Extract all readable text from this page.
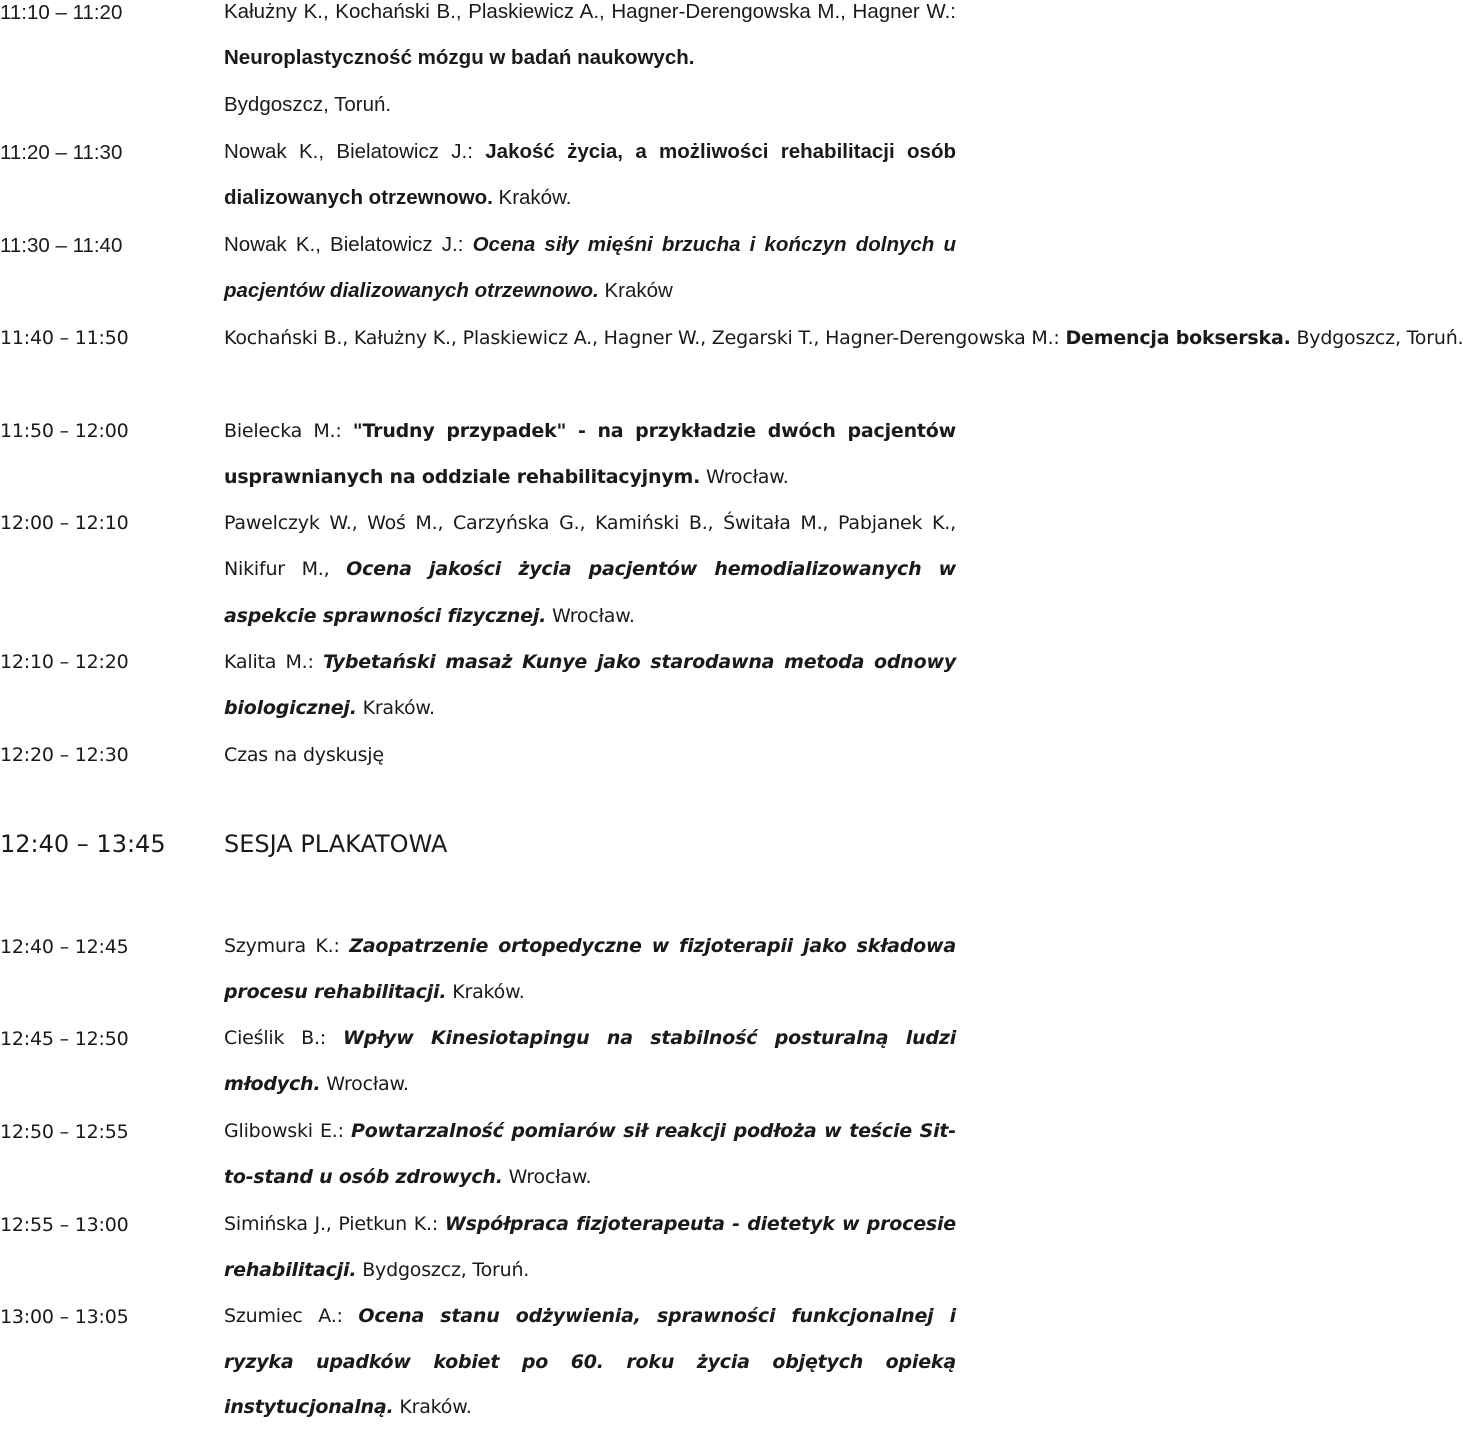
11:10 – 11:20	Kałużny K., Kochański B., Plaskiewicz A., Hagner-Derengowska M., Hagner W.: Neuroplastyczność mózgu w badań naukowych.
Bydgoszcz, Toruń.
11:20 – 11:30	Nowak K., Bielatowicz J.: Jakość życia, a możliwości rehabilitacji osób dializowanych otrzewnowo. Kraków.
11:30 – 11:40	Nowak K., Bielatowicz J.: Ocena siły mięśni brzucha i kończyn dolnych u pacjentów dializowanych otrzewnowo. Kraków
11:40 – 11:50	Kochański B., Kałużny K., Plaskiewicz A., Hagner W., Zegarski T., Hagner-Derengowska M.: Demencja bokserska. Bydgoszcz, Toruń.
11:50 – 12:00	Bielecka M.: "Trudny przypadek" - na przykładzie dwóch pacjentów usprawnianych na oddziale rehabilitacyjnym. Wrocław.
12:00 – 12:10	Pawelczyk W., Woś M., Carzyńska G., Kamiński B., Świtała M., Pabjanek K., Nikifur M., Ocena jakości życia pacjentów hemodializowanych w aspekcie sprawności fizycznej. Wrocław.
12:10 – 12:20	Kalita M.: Tybetański masaż Kunye jako starodawna metoda odnowy biologicznej. Kraków.
12:20 – 12:30	Czas na dyskusję
12:40 – 13:45 SESJA PLAKATOWA
12:40 – 12:45	Szymura K.: Zaopatrzenie ortopedyczne w fizjoterapii jako składowa procesu rehabilitacji. Kraków.
12:45 – 12:50	Cieślik B.: Wpływ Kinesiotapingu na stabilność posturalną ludzi młodych. Wrocław.
12:50 – 12:55	Glibowski E.: Powtarzalność pomiarów sił reakcji podłoża w teście Sit-to-stand u osób zdrowych. Wrocław.
12:55 – 13:00	Simińska J., Pietkun K.: Współpraca fizjoterapeuta - dietetyk w procesie rehabilitacji. Bydgoszcz, Toruń.
13:00 – 13:05	Szumiec A.: Ocena stanu odżywienia, sprawności funkcjonalnej i ryzyka upadków kobiet po 60. roku życia objętych opieką instytucjonalną. Kraków.
